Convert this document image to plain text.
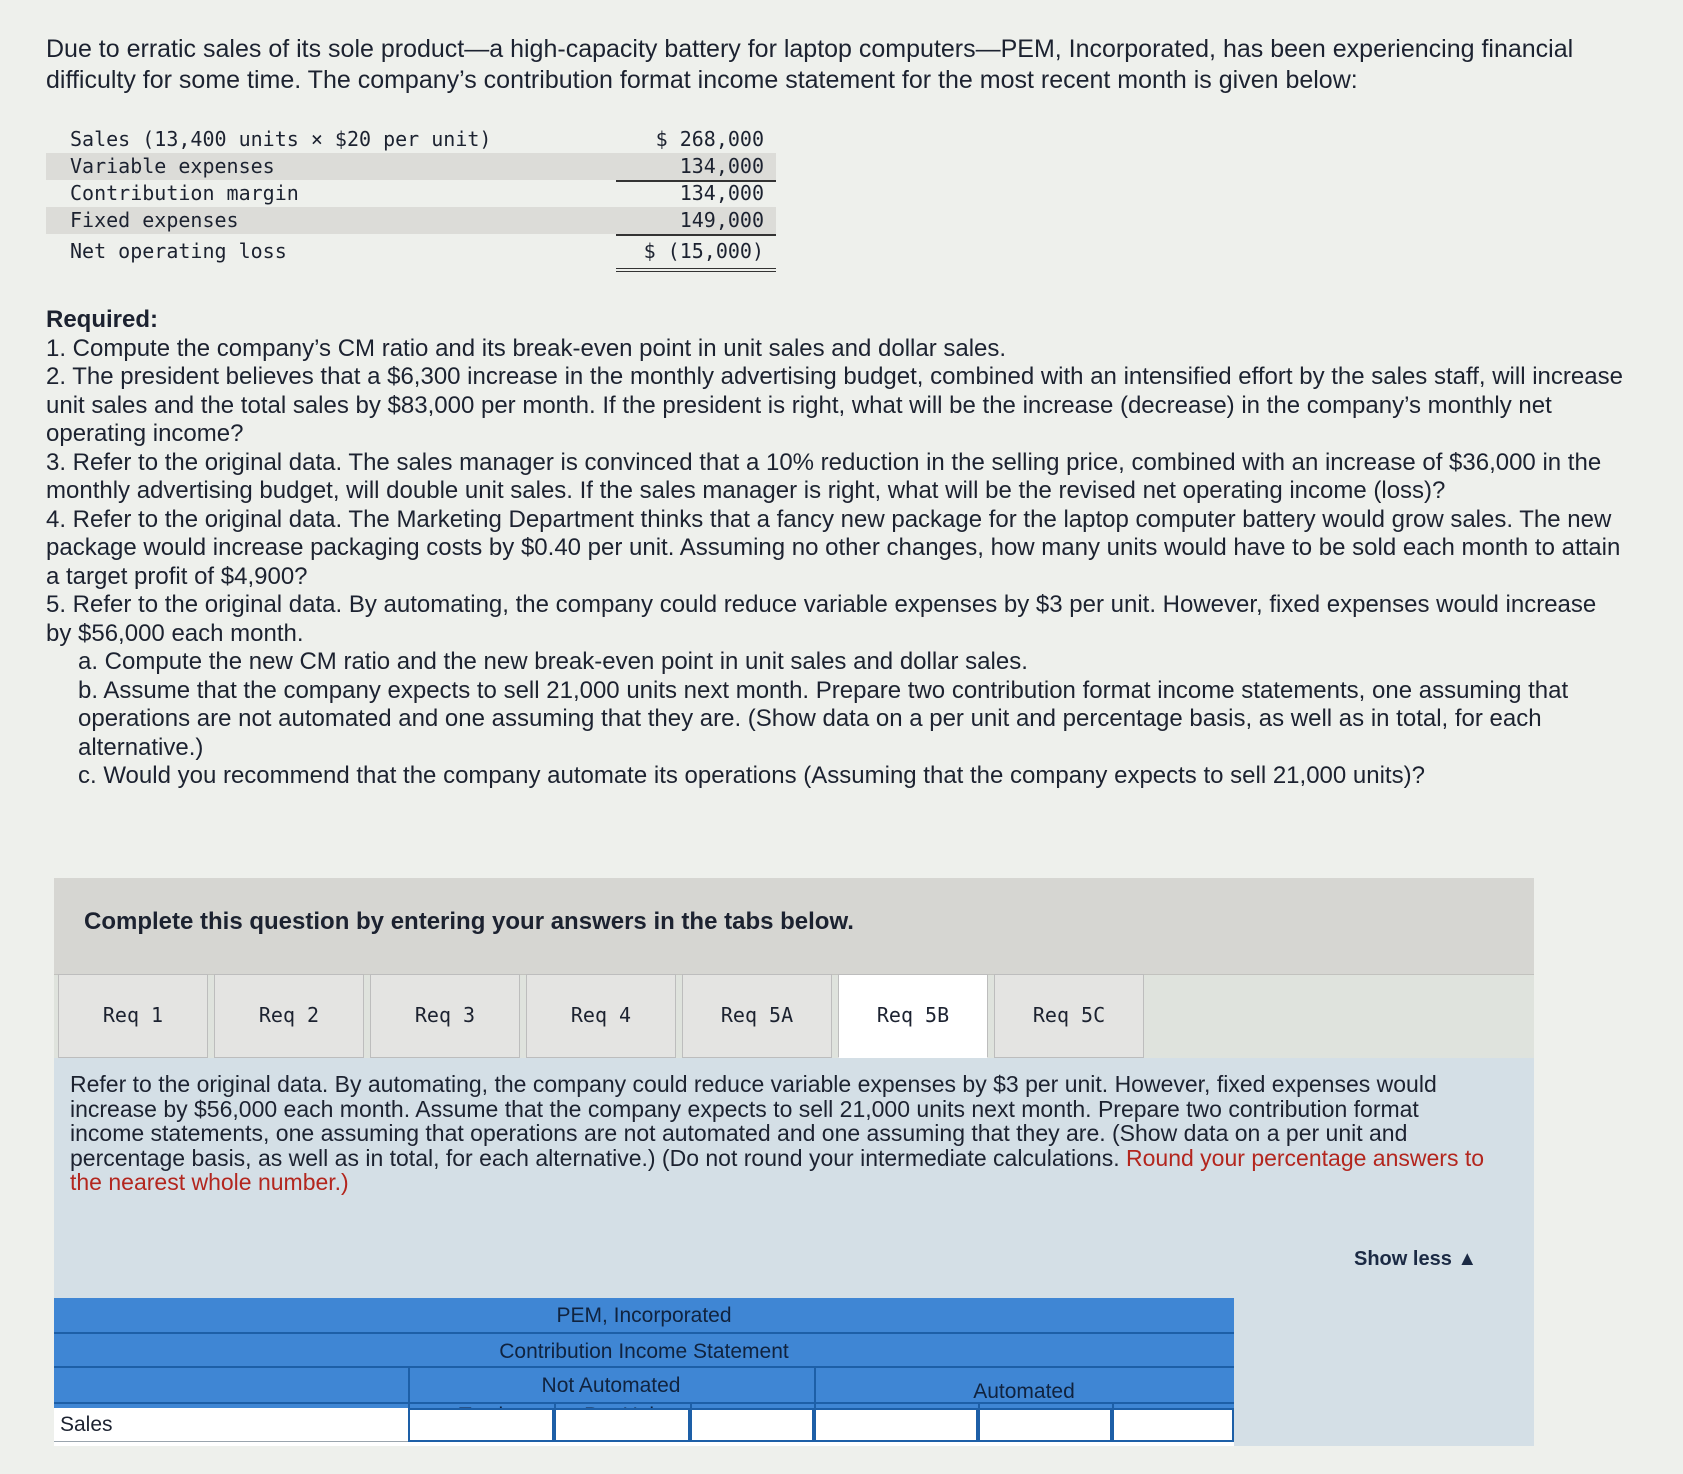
Due to erratic sales of its sole product—a high-capacity battery for laptop computers—PEM, Incorporated, has been experiencing financial difficulty for some time. The company’s contribution format income statement for the most recent month is given below:

Sales (13,400 units × $20 per unit)	$ 268,000
Variable expenses	134,000
Contribution margin	134,000
Fixed expenses	149,000
Net operating loss	$ (15,000)
Required:
1. Compute the company’s CM ratio and its break-even point in unit sales and dollar sales.
2. The president believes that a $6,300 increase in the monthly advertising budget, combined with an intensified effort by the sales staff, will increase unit sales and the total sales by $83,000 per month. If the president is right, what will be the increase (decrease) in the company’s monthly net operating income?
3. Refer to the original data. The sales manager is convinced that a 10% reduction in the selling price, combined with an increase of $36,000 in the monthly advertising budget, will double unit sales. If the sales manager is right, what will be the revised net operating income (loss)?
4. Refer to the original data. The Marketing Department thinks that a fancy new package for the laptop computer battery would grow sales. The new package would increase packaging costs by $0.40 per unit. Assuming no other changes, how many units would have to be sold each month to attain a target profit of $4,900?
5. Refer to the original data. By automating, the company could reduce variable expenses by $3 per unit. However, fixed expenses would increase by $56,000 each month.
a. Compute the new CM ratio and the new break-even point in unit sales and dollar sales.
b. Assume that the company expects to sell 21,000 units next month. Prepare two contribution format income statements, one assuming that operations are not automated and one assuming that they are. (Show data on a per unit and percentage basis, as well as in total, for each alternative.)
c. Would you recommend that the company automate its operations (Assuming that the company expects to sell 21,000 units)?
Complete this question by entering your answers in the tabs below.
Req 1	Req 2	Req 3	Req 4	Req 5A	Req 5B	Req 5C
Refer to the original data. By automating, the company could reduce variable expenses by $3 per unit. However, fixed expenses would increase by $56,000 each month. Assume that the company expects to sell 21,000 units next month. Prepare two contribution format income statements, one assuming that operations are not automated and one assuming that they are. (Show data on a per unit and percentage basis, as well as in total, for each alternative.) (Do not round your intermediate calculations. Round your percentage answers to the nearest whole number.)
Show less ▲
PEM, Incorporated
Contribution Income Statement
Not Automated	Automated
Sales
